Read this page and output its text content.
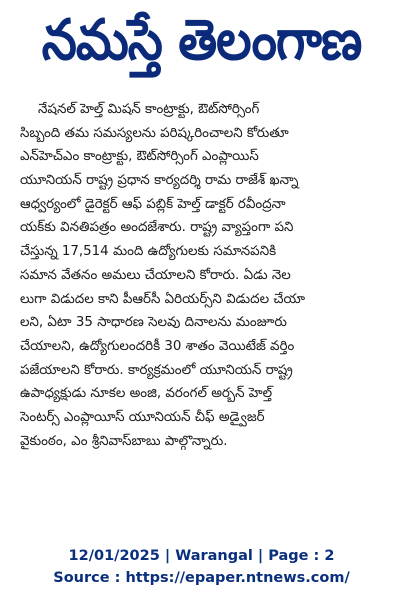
నమస్తే తెలంగాణ
నేషనల్ హెల్త్ మిషన్ కాంట్రాక్టు, ఔట్‌సోర్సింగ్
సిబ్బంది తమ సమస్యలను పరిష్కరించాలని కోరుతూ
ఎన్‌హెచ్‌ఎం కాంట్రాక్టు, ఔట్‌సోర్సింగ్ ఎంప్లాయిస్
యూనియన్ రాష్ట్ర ప్రధాన కార్యదర్శి రామ రాజేశ్ ఖన్నా
ఆధ్వర్యంలో డైరెక్టర్ ఆఫ్ పబ్లిక్ హెల్త్ డాక్టర్ రవీంద్రనా
యక్‌కు వినతిపత్రం అందజేశారు. రాష్ట్ర వ్యాప్తంగా పని
చేస్తున్న 17,514 మంది ఉద్యోగులకు సమానపనికి
సమాన వేతనం అమలు చేయాలని కోరారు. ఏడు నెల
లుగా విడుదల కాని పీఆర్‌సీ ఏరియర్స్‌ని విడుదల చేయా
లని, ఏటా 35 సాధారణ సెలవు దినాలను మంజూరు
చేయాలని, ఉద్యోగులందరికీ 30 శాతం వెయిటేజ్ వర్తిం
పజేయాలని కోరారు. కార్యక్రమంలో యూనియన్ రాష్ట్ర
ఉపాధ్యక్షుడు నూకల అంజి, వరంగల్ అర్బన్ హెల్త్
సెంటర్స్ ఎంప్లాయీస్ యూనియన్ చీఫ్ అడ్వైజర్
వైకుంఠం, ఎం శ్రీనివాస్‌బాబు పాల్గొన్నారు.
12/01/2025 | Warangal | Page : 2
Source : https://epaper.ntnews.com/
